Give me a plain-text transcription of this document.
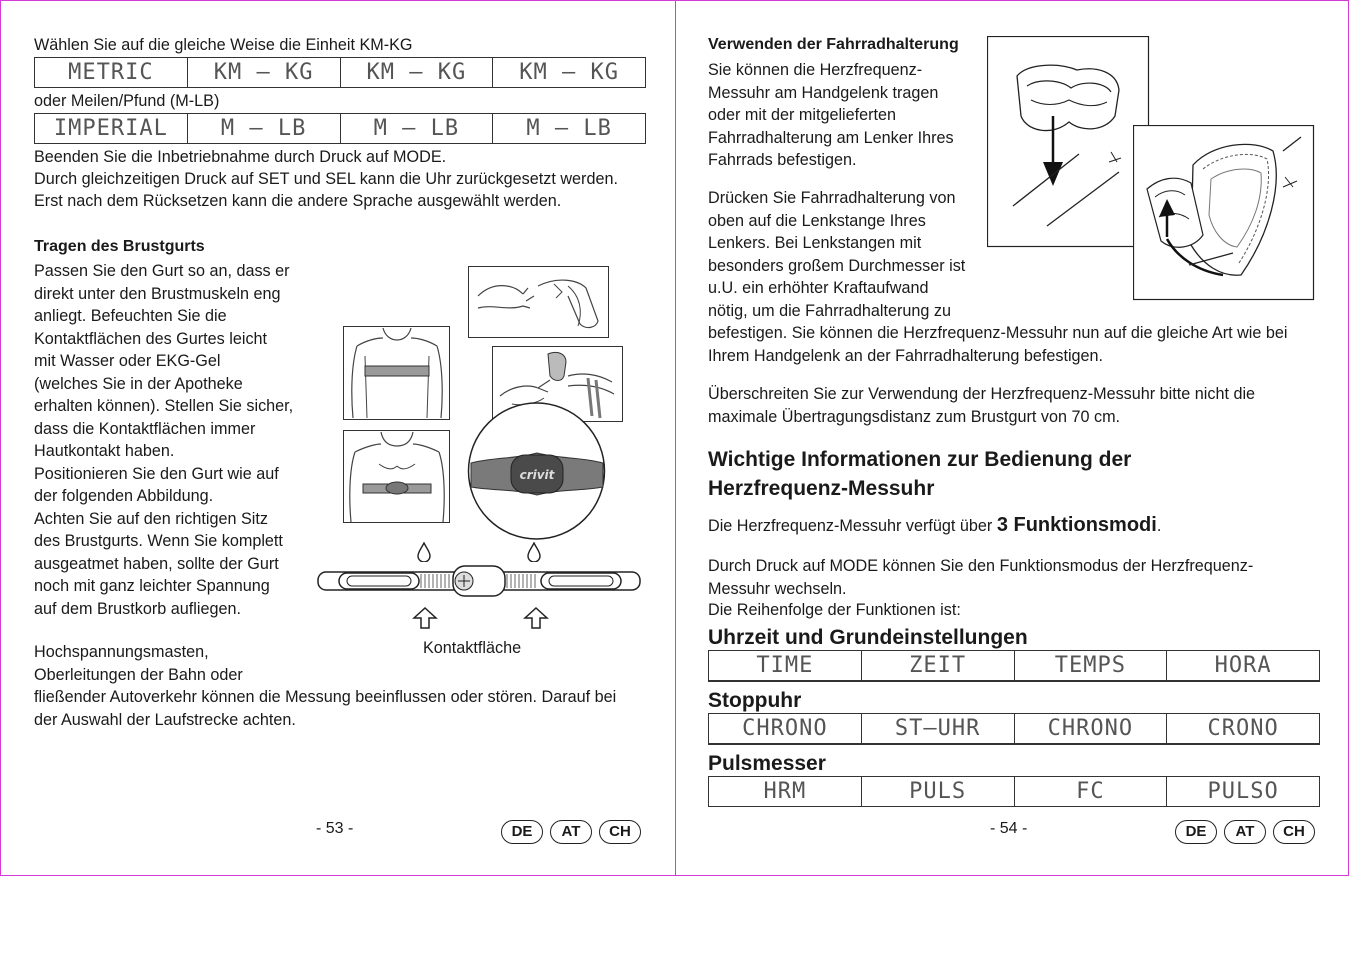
Wählen Sie auf die gleiche Weise die Einheit KM-KG

METRIC	KM – KG	KM – KG	KM – KG

oder Meilen/Pfund (M-LB)

IMPERIAL	M – LB	M – LB	M – LB

Beenden Sie die Inbetriebnahme durch Druck auf MODE.

Durch gleichzeitigen Druck auf SET und SEL kann die Uhr zurückgesetzt werden.

Erst nach dem Rücksetzen kann die andere Sprache ausgewählt werden.

Tragen des Brustgurts

Passen Sie den Gurt so an, dass er

direkt unter den Brustmuskeln eng

anliegt. Befeuchten Sie die

Kontaktflächen des Gurtes leicht

mit Wasser oder EKG-Gel

(welches Sie in der Apotheke

erhalten können). Stellen Sie sicher,

dass die Kontaktflächen immer

Hautkontakt haben.

Positionieren Sie den Gurt wie auf

der folgenden Abbildung.

Achten Sie auf den richtigen Sitz

des Brustgurts. Wenn Sie komplett

ausgeatmet haben, sollte der Gurt

noch mit ganz leichter Spannung

auf dem Brustkorb aufliegen.

Hochspannungsmasten,

Oberleitungen der Bahn oder

fließender Autoverkehr können die Messung beeinflussen oder stören. Darauf bei

der Auswahl der Laufstrecke achten.

crivit

Kontaktfläche

- 53 -	DE	AT	CH
Verwenden der Fahrradhalterung

Sie können die Herzfrequenz-

Messuhr am Handgelenk tragen

oder mit der mitgelieferten

Fahrradhalterung am Lenker Ihres

Fahrrads befestigen.

Drücken Sie Fahrradhalterung von

oben auf die Lenkstange Ihres

Lenkers. Bei Lenkstangen mit

besonders großem Durchmesser ist

u.U. ein erhöhter Kraftaufwand

nötig, um die Fahrradhalterung zu

befestigen. Sie können die Herzfrequenz-Messuhr nun auf die gleiche Art wie bei

Ihrem Handgelenk an der Fahrradhalterung befestigen.

Überschreiten Sie zur Verwendung der Herzfrequenz-Messuhr bitte nicht die

maximale Übertragungsdistanz zum Brustgurt von 70 cm.

Wichtige Informationen zur Bedienung der
Herzfrequenz-Messuhr

Die Herzfrequenz-Messuhr verfügt über 3 Funktionsmodi.

Durch Druck auf MODE können Sie den Funktionsmodus der Herzfrequenz-

Messuhr wechseln.

Die Reihenfolge der Funktionen ist:

Uhrzeit und Grundeinstellungen
TIME	ZEIT	TEMPS	HORA
Stoppuhr
CHRONO	ST–UHR	CHRONO	CRONO
Pulsmesser
HRM	PULS	FC	PULSO
- 54 -	DE	AT	CH
